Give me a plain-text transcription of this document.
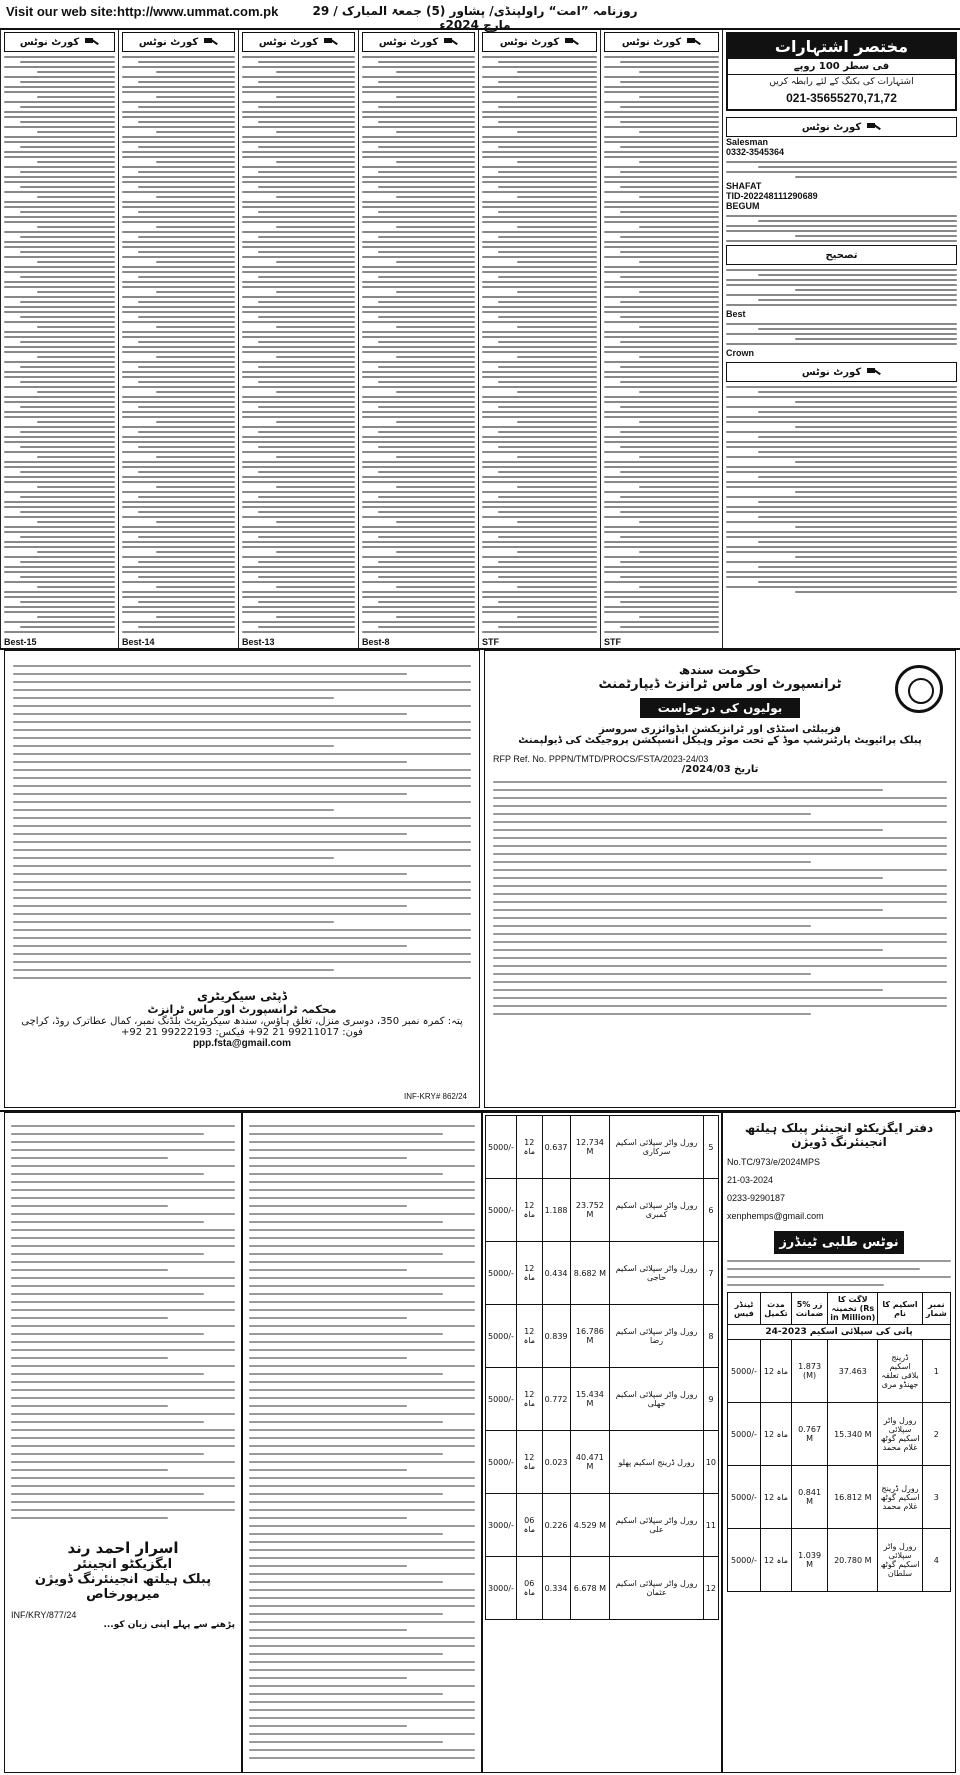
Visit our web site:http://www.ummat.com.pk	روزنامہ ”امت“ راولپنڈی/ پشاور (5) جمعۃ المبارک / 29 مارچ 2024ء
کورٹ نوٹس
Best-15
کورٹ نوٹس
Best-14
کورٹ نوٹس
Best-13
کورٹ نوٹس
Best-8
کورٹ نوٹس
STF
کورٹ نوٹس
STF
مختصر اشتہارات
فی سطر 100 روپے
اشتہارات کی بکنگ کے لئے رابطہ کریں
021-35655270,71,72
کورٹ نوٹس
Salesman
0332-3545364
SHAFAT
TID-202248111290689
BEGUM
تصحیح
Best
Crown
کورٹ نوٹس
ڈپٹی سیکریٹری
محکمہ ٹرانسپورٹ اور ماس ٹرانزٹ
پتہ: کمرہ نمبر 350، دوسری منزل، تغلق ہاؤس، سندھ سیکریٹریٹ بلڈنگ نمبر، کمال عطاترک روڈ، کراچی
فون: 99211017 21 92+ فیکس: 99222193 21 92+
ppp.fsta@gmail.com
INF-KRY# 862/24
حکومت سندھ
ٹرانسپورٹ اور ماس ٹرانزٹ ڈیپارٹمنٹ
بولیوں کی درخواست
فزیبلٹی اسٹڈی اور ٹرانزیکشن ایڈوائزری سروسز
پبلک پرائیویٹ پارٹنرشپ موڈ کے تحت موٹر وہیکل انسپکشن پروجیکٹ کی ڈیولپمنٹ
RFP Ref. No. PPPN/TMTD/PROCS/FSTA/2023-24/03
تاریخ 2024/03/
اسرار احمد رند
ایگزیکٹو انجینئر
پبلک ہیلتھ انجینئرنگ ڈویژن
میرپورخاص
INF/KRY/877/24
پڑھنے سے پہلے اپنی زبان کو...
5000/-	12 ماہ	0.637	12.734 M	رورل واٹر سپلائی اسکیم سرکاری	5
5000/-	12 ماہ	1.188	23.752 M	رورل واٹر سپلائی اسکیم کمبری	6
5000/-	12 ماہ	0.434	8.682 M	رورل واٹر سپلائی اسکیم حاجی	7
5000/-	12 ماہ	0.839	16.786 M	رورل واٹر سپلائی اسکیم رضا	8
5000/-	12 ماہ	0.772	15.434 M	رورل واٹر سپلائی اسکیم جھلی	9
5000/-	12 ماہ	0.023	40.471 M	رورل ڈرینج اسکیم پھلو	10
3000/-	06 ماہ	0.226	4.529 M	رورل واٹر سپلائی اسکیم علی	11
3000/-	06 ماہ	0.334	6.678 M	رورل واٹر سپلائی اسکیم عثمان	12
دفتر ایگزیکٹو انجینئر پبلک ہیلتھ انجینئرنگ ڈویژن
No.TC/973/e/2024MPS
21-03-2024
0233-9290187
xenphemps@gmail.com
نوٹس طلبی ٹینڈرز
ٹینڈر فیس	مدت تکمیل	5% زر ضمانت	لاگت کا تخمینہ (Rs in Million)	اسکیم کا نام	نمبر شمار
پانی کی سپلائی اسکیم 2023-24					
5000/-	12 ماہ	1.873 (M)	37.463	ڈرینج اسکیم بلاقی تعلقہ جھنڈو مری	1
5000/-	12 ماہ	0.767 M	15.340 M	رورل واٹر سپلائی اسکیم گوٹھ غلام محمد	2
5000/-	12 ماہ	0.841 M	16.812 M	رورل ڈرینج اسکیم گوٹھ غلام محمد	3
5000/-	12 ماہ	1.039 M	20.780 M	رورل واٹر سپلائی اسکیم گوٹھ سلطان	4
